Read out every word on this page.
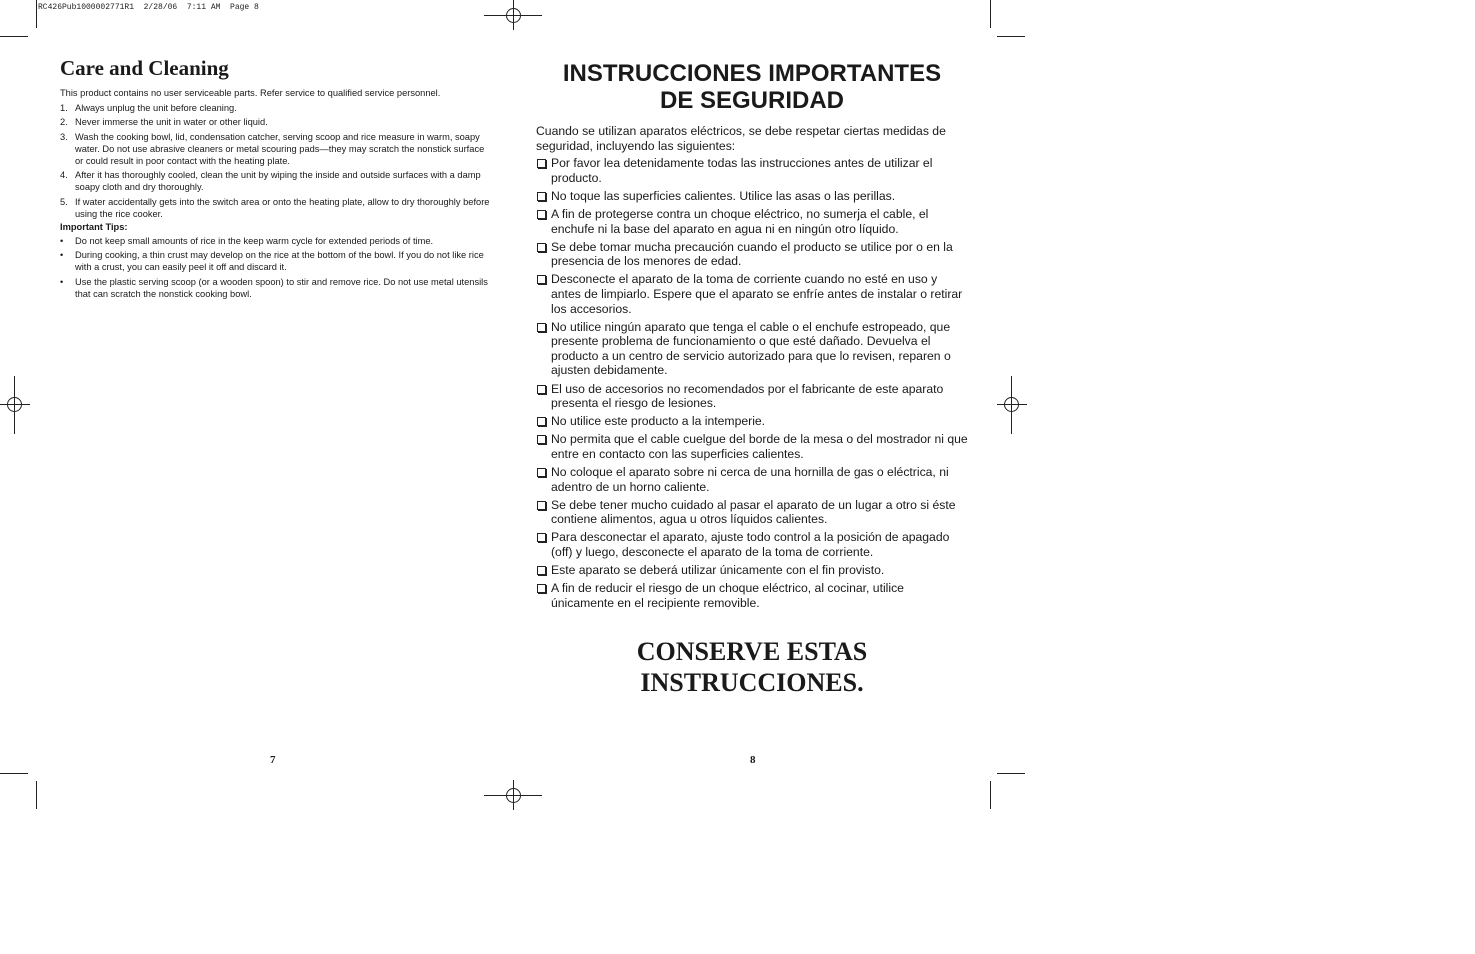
RC426Pub1000002771R1  2/28/06  7:11 AM  Page 8
Care and Cleaning

This product contains no user serviceable parts. Refer service to qualified service personnel.

1. Always unplug the unit before cleaning.
2. Never immerse the unit in water or other liquid.
3. Wash the cooking bowl, lid, condensation catcher, serving scoop and rice measure in warm, soapy water. Do not use abrasive cleaners or metal scouring pads—they may scratch the nonstick surface or could result in poor contact with the heating plate.
4. After it has thoroughly cooled, clean the unit by wiping the inside and outside surfaces with a damp soapy cloth and dry thoroughly.
5. If water accidentally gets into the switch area or onto the heating plate, allow to dry thoroughly before using the rice cooker.
Important Tips:
• Do not keep small amounts of rice in the keep warm cycle for extended periods of time.
• During cooking, a thin crust may develop on the rice at the bottom of the bowl. If you do not like rice with a crust, you can easily peel it off and discard it.
• Use the plastic serving scoop (or a wooden spoon) to stir and remove rice. Do not use metal utensils that can scratch the nonstick cooking bowl.
7
INSTRUCCIONES IMPORTANTES
DE SEGURIDAD

Cuando se utilizan aparatos eléctricos, se debe respetar ciertas medidas de seguridad, incluyendo las siguientes:

Por favor lea detenidamente todas las instrucciones antes de utilizar el producto.
No toque las superficies calientes. Utilice las asas o las perillas.
A fin de protegerse contra un choque eléctrico, no sumerja el cable, el enchufe ni la base del aparato en agua ni en ningún otro líquido.
Se debe tomar mucha precaución cuando el producto se utilice por o en la presencia de los menores de edad.
Desconecte el aparato de la toma de corriente cuando no esté en uso y antes de limpiarlo. Espere que el aparato se enfríe antes de instalar o retirar los accesorios.
No utilice ningún aparato que tenga el cable o el enchufe estropeado, que presente problema de funcionamiento o que esté dañado. Devuelva el producto a un centro de servicio autorizado para que lo revisen, reparen o ajusten debidamente.
El uso de accesorios no recomendados por el fabricante de este aparato presenta el riesgo de lesiones.
No utilice este producto a la intemperie.
No permita que el cable cuelgue del borde de la mesa o del mostrador ni que entre en contacto con las superficies calientes.
No coloque el aparato sobre ni cerca de una hornilla de gas o eléctrica, ni adentro de un horno caliente.
Se debe tener mucho cuidado al pasar el aparato de un lugar a otro si éste contiene alimentos, agua u otros líquidos calientes.
Para desconectar el aparato, ajuste todo control a la posición de apagado (off) y luego, desconecte el aparato de la toma de corriente.
Este aparato se deberá utilizar únicamente con el fin provisto.
A fin de reducir el riesgo de un choque eléctrico, al cocinar, utilice únicamente en el recipiente removible.
CONSERVE ESTAS
INSTRUCCIONES.
8
